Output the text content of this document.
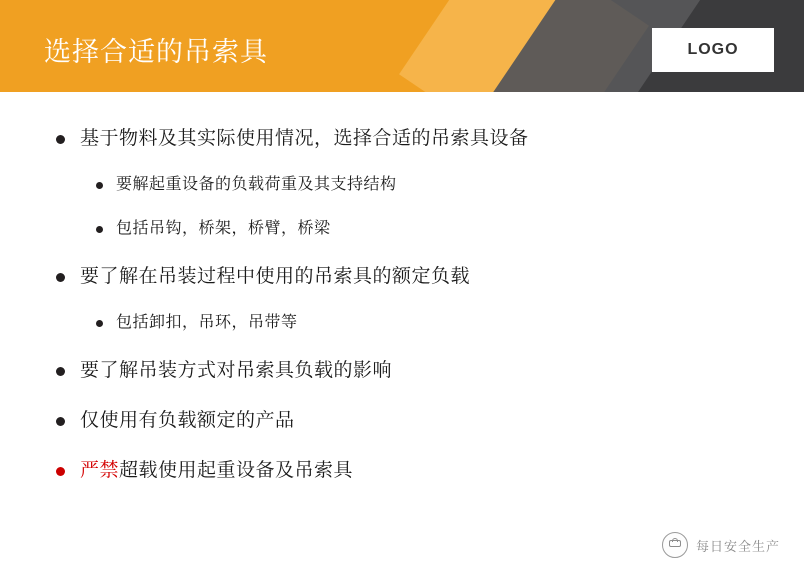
选择合适的吊索具	LOGO
基于物料及其实际使用情况，选择合适的吊索具设备
要解起重设备的负载荷重及其支持结构
包括吊钩，桥架，桥臂，桥梁
要了解在吊装过程中使用的吊索具的额定负载
包括卸扣，吊环，吊带等
要了解吊装方式对吊索具负载的影响
仅使用有负载额定的产品
严禁超载使用起重设备及吊索具
每日安全生产
